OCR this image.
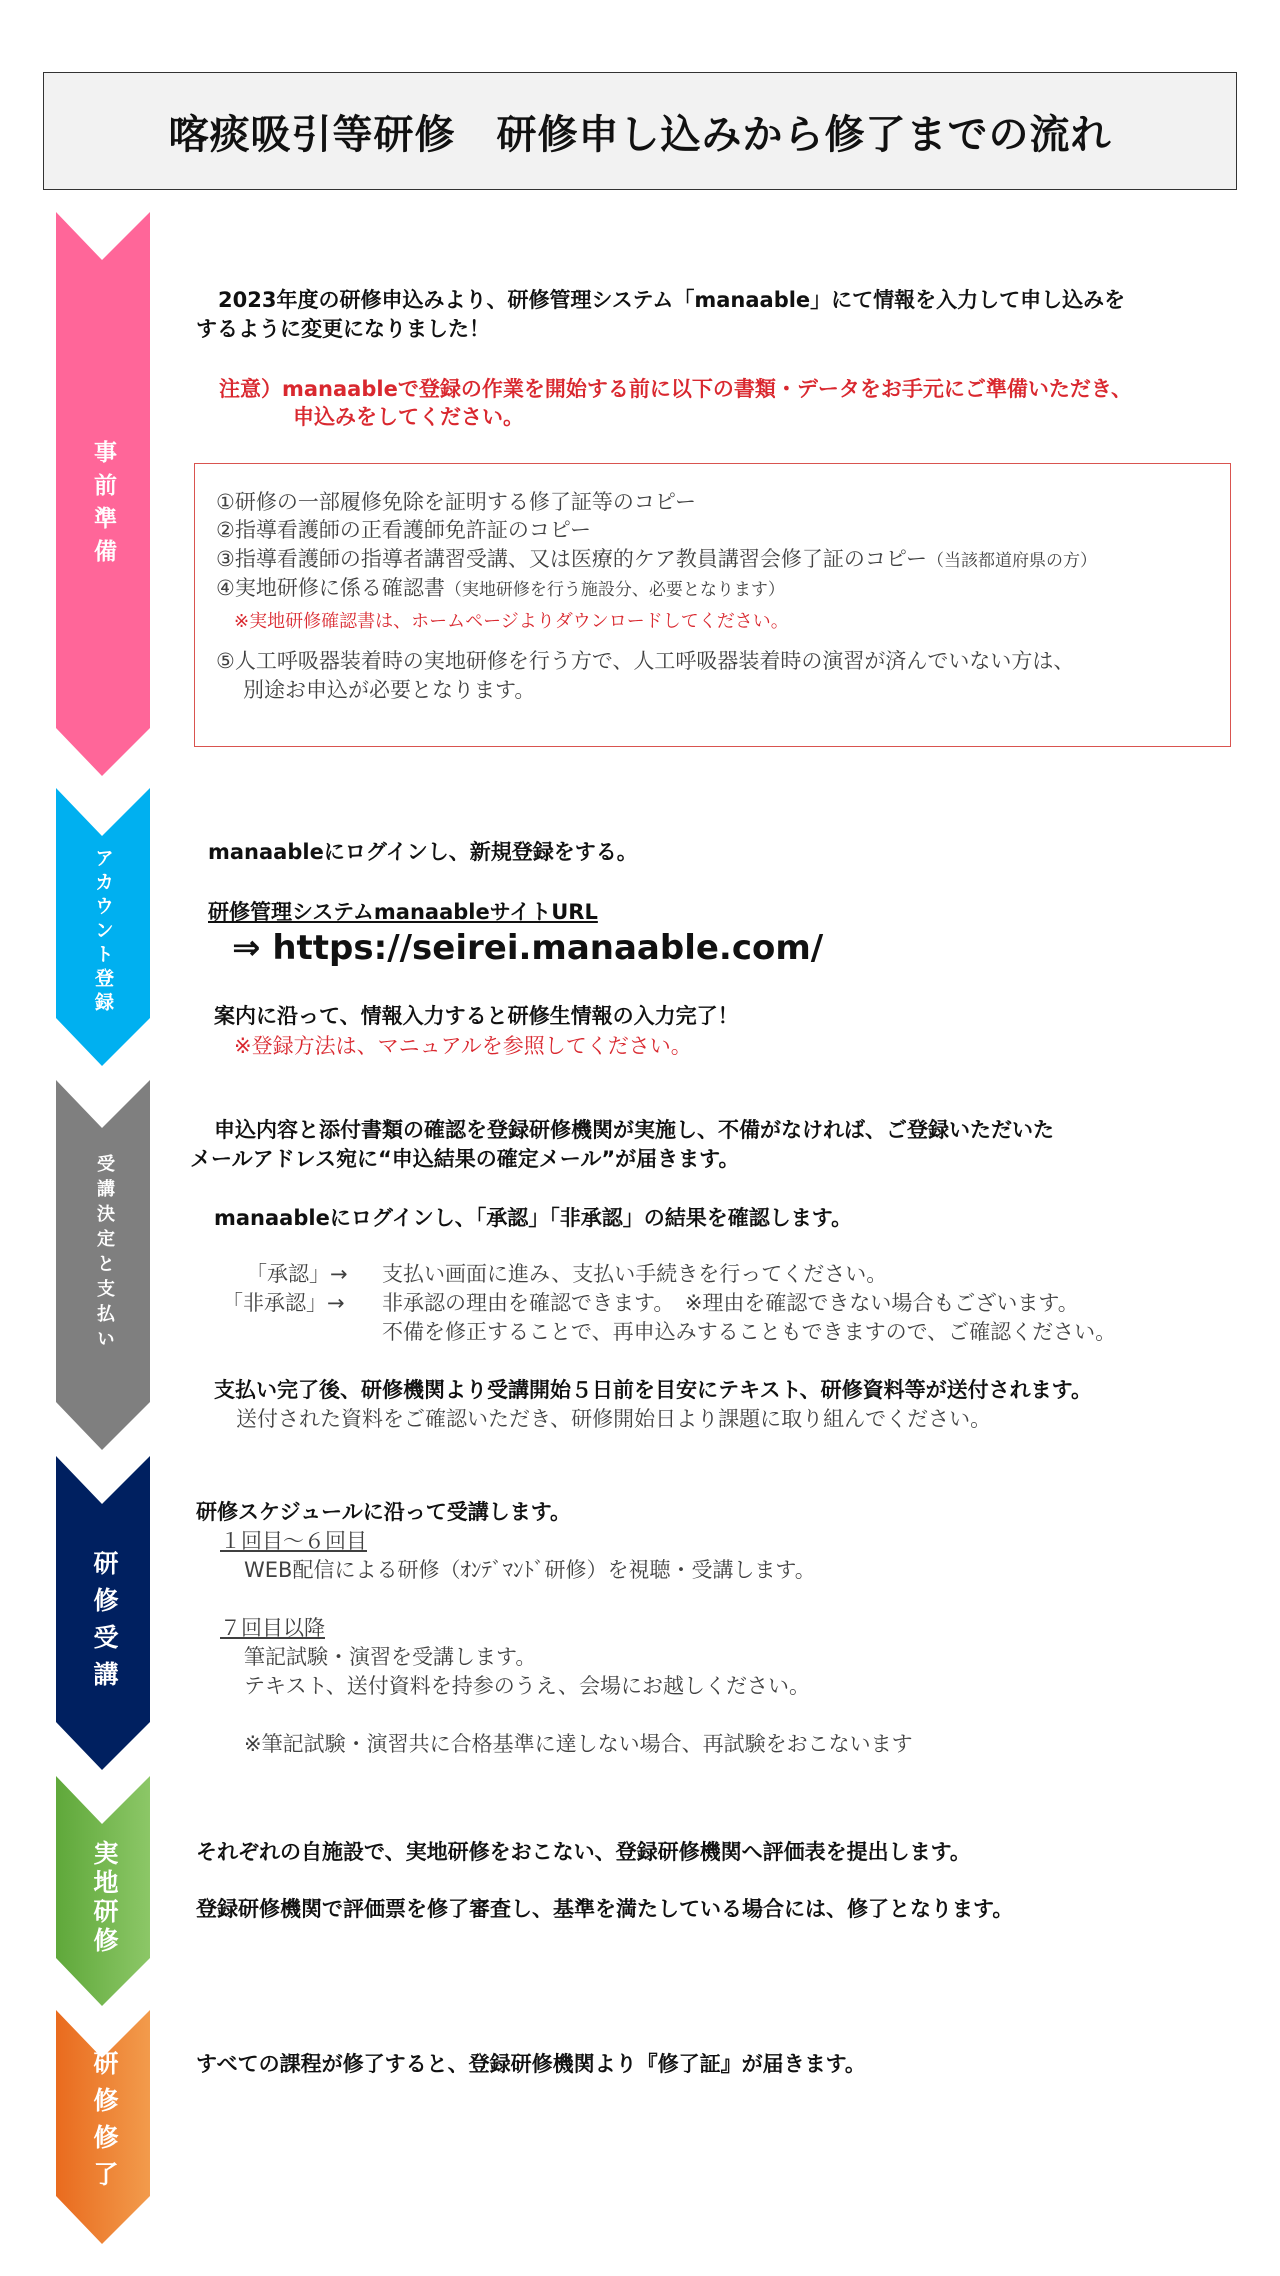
喀痰吸引等研修　研修申し込みから修了までの流れ
事前準備
アカウント登録
受講決定と支払い
研修受講
実地研修
研修修了
2023年度の研修申込みより、研修管理システム「manaable」にて情報を入力して申し込みを
するように変更になりました！
注意）manaableで登録の作業を開始する前に以下の書類・データをお手元にご準備いただき、
申込みをしてください。
①研修の一部履修免除を証明する修了証等のコピー
②指導看護師の正看護師免許証のコピー
③指導看護師の指導者講習受講、又は医療的ケア教員講習会修了証のコピー（当該都道府県の方）
④実地研修に係る確認書（実地研修を行う施設分、必要となります）
※実地研修確認書は、ホームページよりダウンロードしてください。
⑤人工呼吸器装着時の実地研修を行う方で、人工呼吸器装着時の演習が済んでいない方は、
別途お申込が必要となります。
manaableにログインし、新規登録をする。
研修管理システムmanaableサイトURL
⇒ https://seirei.manaable.com/
案内に沿って、情報入力すると研修生情報の入力完了！
※登録方法は、マニュアルを参照してください。
申込内容と添付書類の確認を登録研修機関が実施し、不備がなければ、ご登録いただいた
メールアドレス宛に“申込結果の確定メール”が届きます。
manaableにログインし、「承認」「非承認」の結果を確認します。
「承認」→ 支払い画面に進み、支払い手続きを行ってください。
「非承認」→ 非承認の理由を確認できます。　※理由を確認できない場合もございます。
不備を修正することで、再申込みすることもできますので、ご確認ください。
支払い完了後、研修機関より受講開始５日前を目安にテキスト、研修資料等が送付されます。
送付された資料をご確認いただき、研修開始日より課題に取り組んでください。
研修スケジュールに沿って受講します。
１回目～６回目
WEB配信による研修（ｵﾝﾃﾞﾏﾝﾄﾞ研修）を視聴・受講します。
７回目以降
筆記試験・演習を受講します。
テキスト、送付資料を持参のうえ、会場にお越しください。
※筆記試験・演習共に合格基準に達しない場合、再試験をおこないます
それぞれの自施設で、実地研修をおこない、登録研修機関へ評価表を提出します。
登録研修機関で評価票を修了審査し、基準を満たしている場合には、修了となります。
すべての課程が修了すると、登録研修機関より『修了証』が届きます。
